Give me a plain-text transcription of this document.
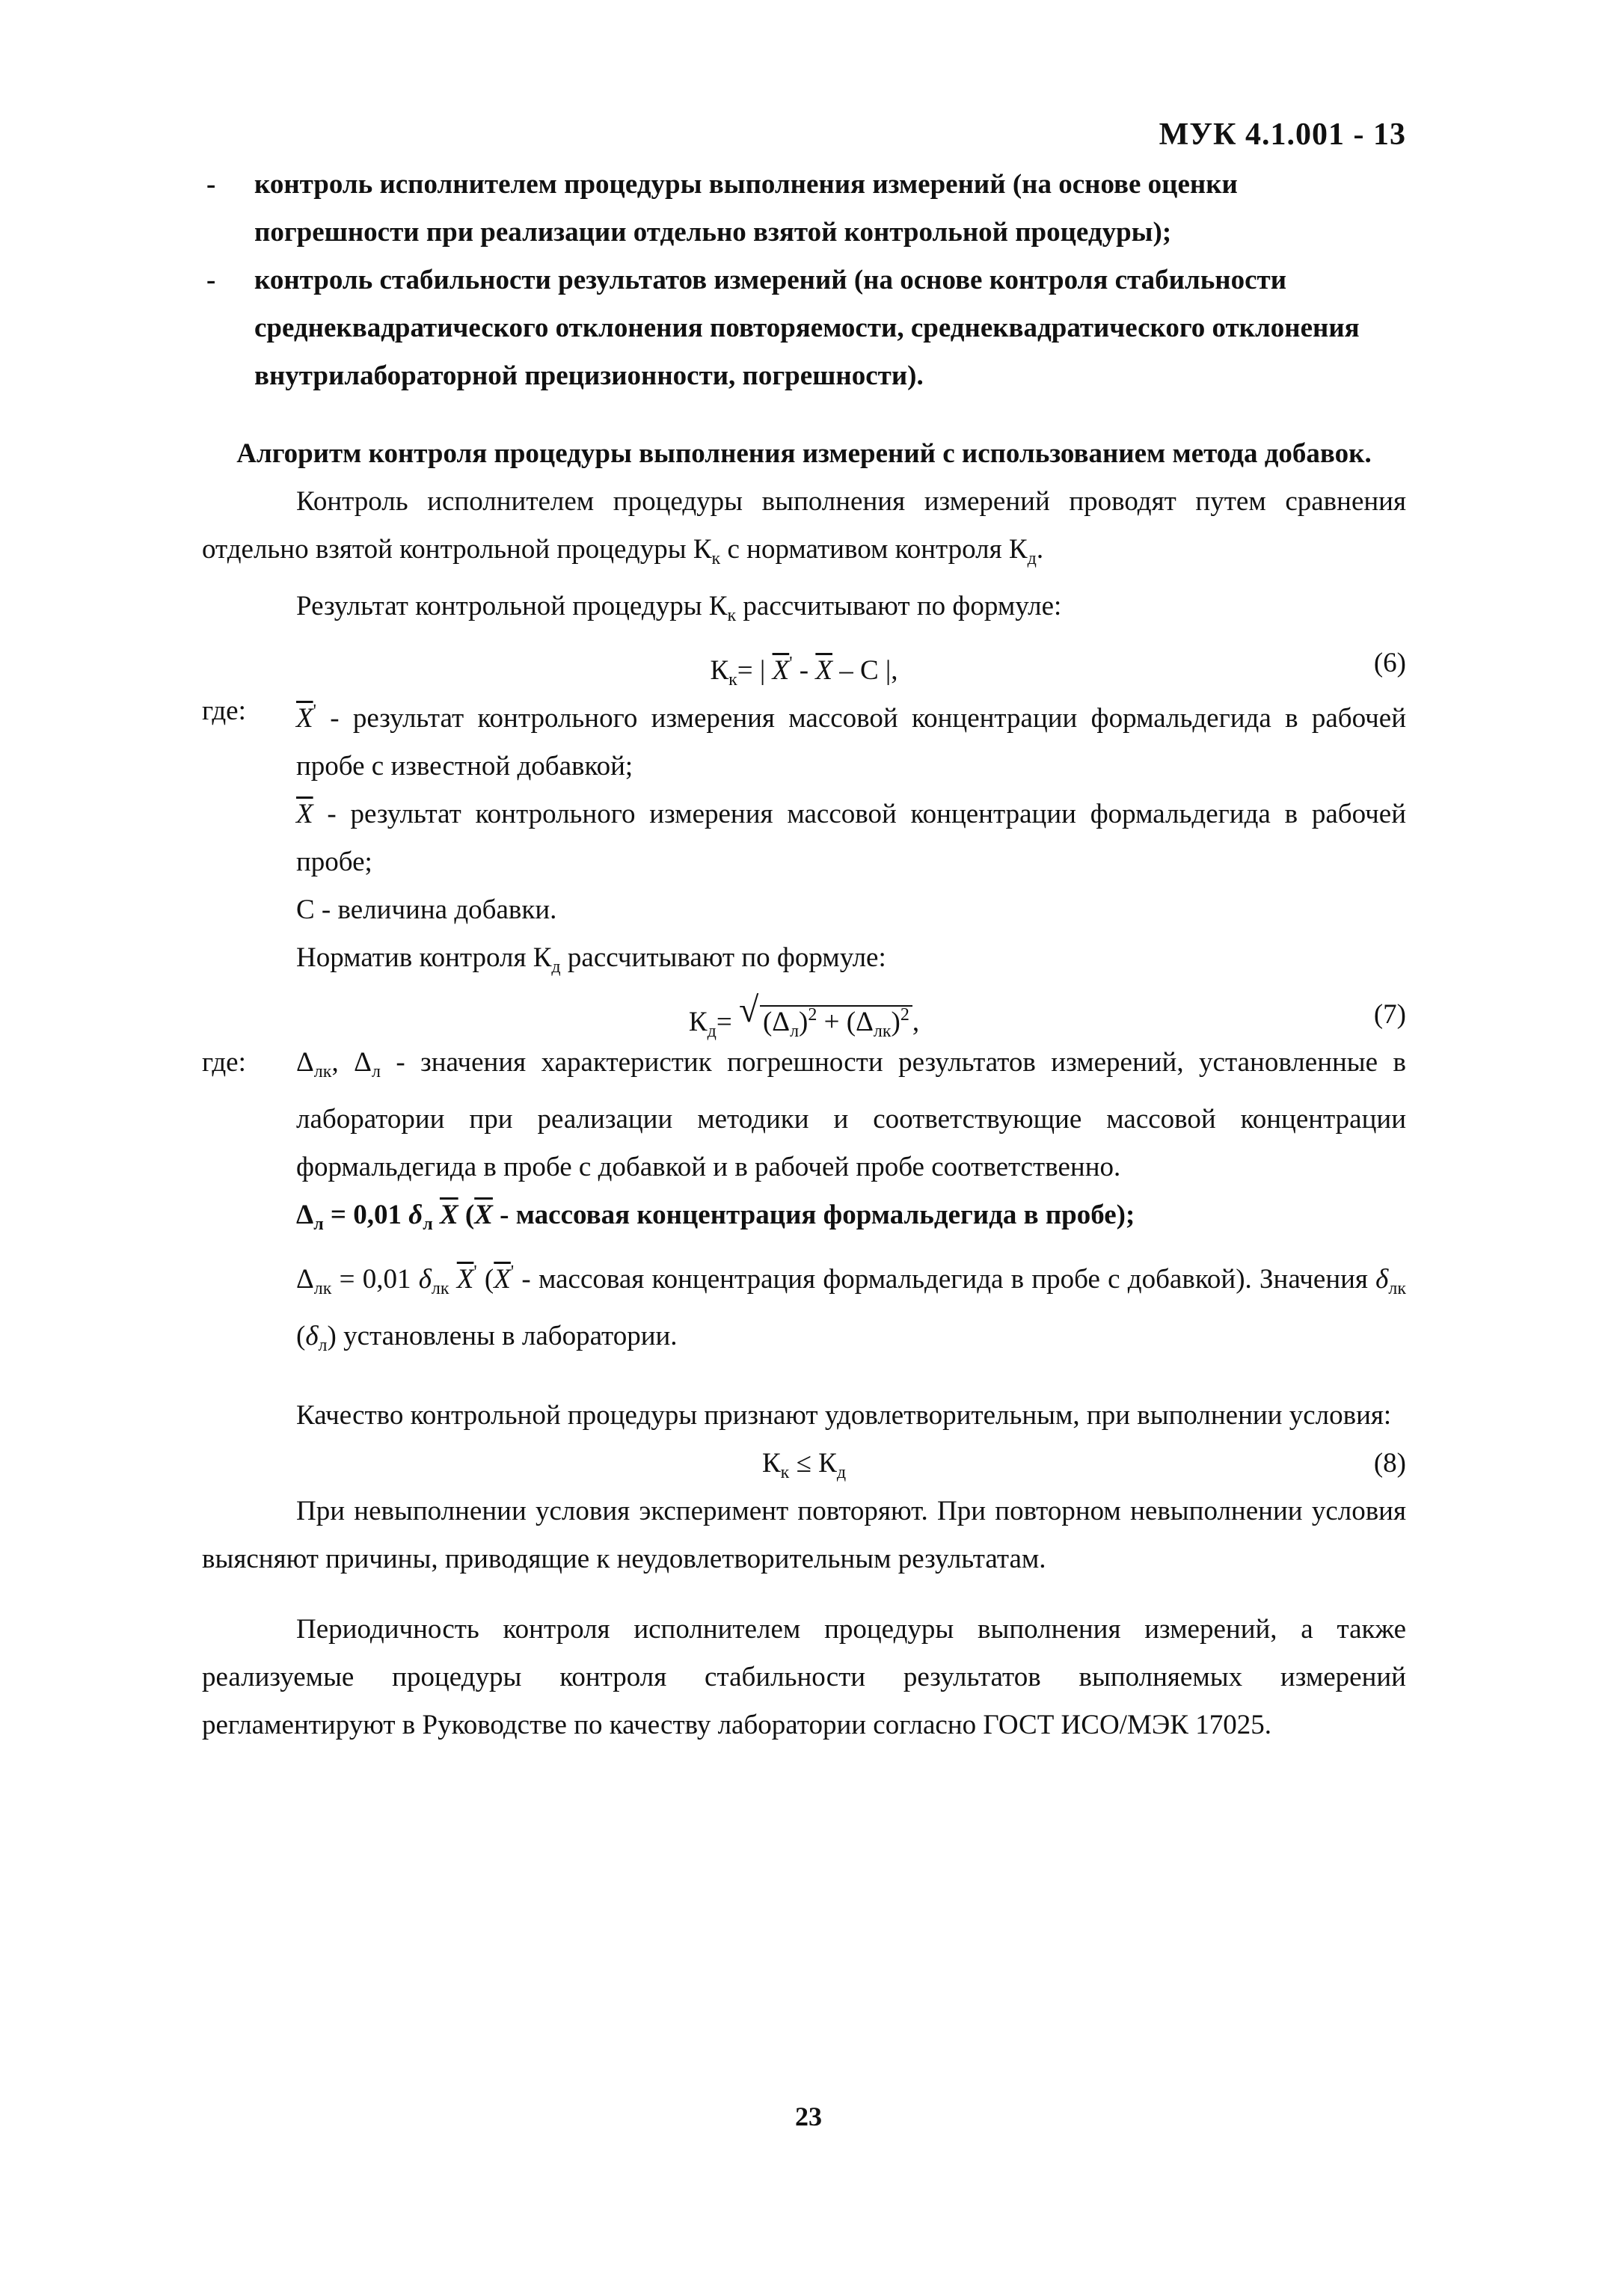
МУК 4.1.001 - 13
- контроль исполнителем процедуры выполнения измерений (на основе оценки погрешности при реализации отдельно взятой контрольной процедуры);
- контроль стабильности результатов измерений (на основе контроля стабильности среднеквадратического отклонения повторяемости, среднеквадратического отклонения внутрилабораторной прецизионности, погрешности).

Алгоритм контроля процедуры выполнения измерений с использованием метода добавок.

Контроль исполнителем процедуры выполнения измерений проводят путем сравнения отдельно взятой контрольной процедуры $К_к$ с нормативом контроля $К_д$.

Результат контрольной процедуры $К_к$ рассчитывают по формуле:

$К_к=$ | $\overline{X}' - \overline{X}$ – С |,	(6)
где: $\overline{X}'$ - результат контрольного измерения массовой концентрации формальдегида в рабочей пробе с известной добавкой;

$\overline{X}$ - результат контрольного измерения массовой концентрации формальдегида в рабочей пробе;

С - величина добавки.

Норматив контроля $К_д$ рассчитывают по формуле:

$К_д=$ √ $(\Delta_л)^2 + (\Delta_{лк})^2$ ,	(7)
где: $\Delta_{лк}$, $\Delta_л$ - значения характеристик погрешности результатов измерений, установленные в лаборатории при реализации методики и соответствующие массовой концентрации формальдегида в пробе с добавкой и в рабочей пробе соответственно.

$\Delta_л = 0,01$ $\delta_л$ $\overline{X}$ ($\overline{X}$ - массовая концентрация формальдегида в пробе);

$\Delta_{лк} = 0,01$ $\delta_{лк}$ $\overline{X}'$ ($\overline{X}'$ - массовая концентрация формальдегида в пробе с добавкой). Значения $\delta_{лк}$ $(\delta_л)$ установлены в лаборатории.

Качество контрольной процедуры признают удовлетворительным, при выполнении условия:

$К_к \le К_д$	(8)

При невыполнении условия эксперимент повторяют. При повторном невыполнении условия выясняют причины, приводящие к неудовлетворительным результатам.

Периодичность контроля исполнителем процедуры выполнения измерений, а также реализуемые процедуры контроля стабильности результатов выполняемых измерений регламентируют в Руководстве по качеству лаборатории согласно ГОСТ ИСО/МЭК 17025.

23
